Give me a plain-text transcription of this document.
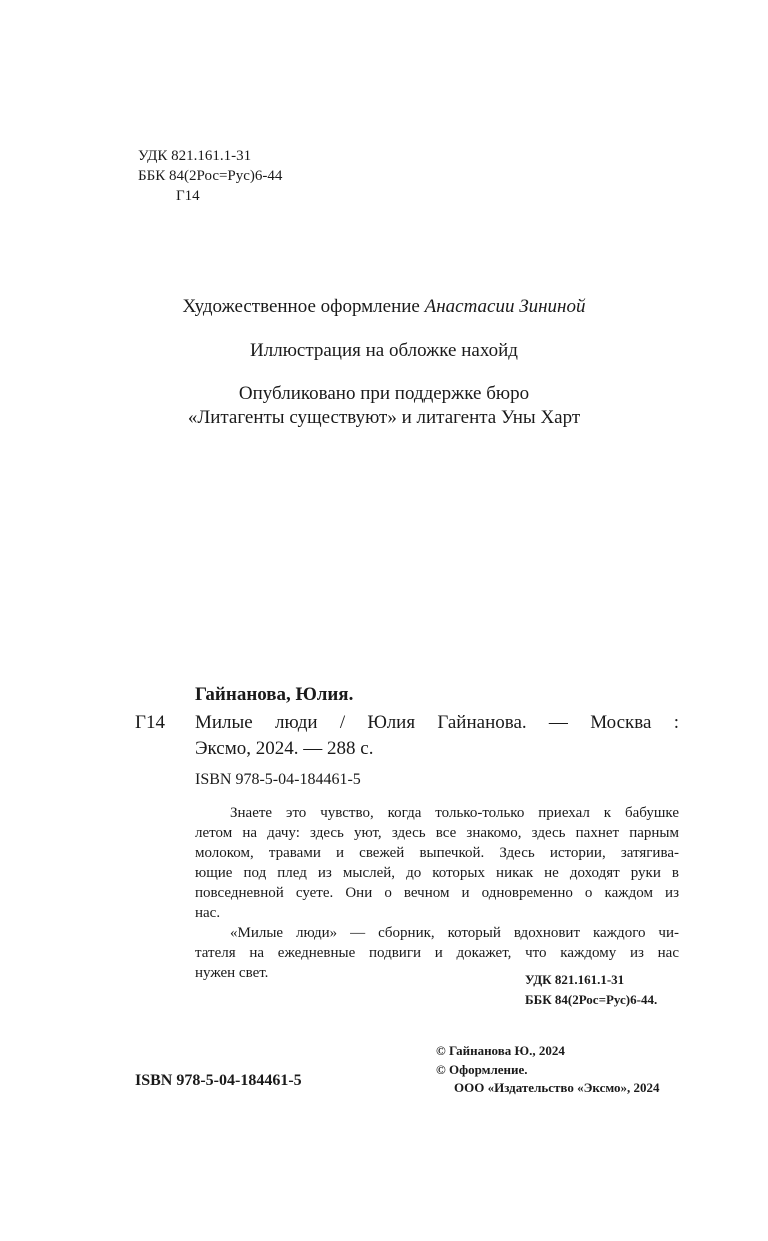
УДК 821.161.1-31
ББК 84(2Рос=Рус)6-44
Г14
Художественное оформление Анастасии Зининой
Иллюстрация на обложке нахойд
Опубликовано при поддержке бюро
«Литагенты существуют» и литагента Уны Харт
Гайнанова, Юлия.
Г14 Милые люди / Юлия Гайнанова. — Москва :
Эксмо, 2024. — 288 с.
ISBN 978-5-04-184461-5
Знаете это чувство, когда только-только приехал к бабушке
летом на дачу: здесь уют, здесь все знакомо, здесь пахнет парным
молоком, травами и свежей выпечкой. Здесь истории, затягива-
ющие под плед из мыслей, до которых никак не доходят руки в
повседневной суете. Они о вечном и одновременно о каждом из
нас.
«Милые люди» — сборник, который вдохновит каждого чи-
тателя на ежедневные подвиги и докажет, что каждому из нас
нужен свет.	УДК 821.161.1-31
ББК 84(2Рос=Рус)6-44.
ISBN 978-5-04-184461-5
© Гайнанова Ю., 2024
© Оформление.
ООО «Издательство «Эксмо», 2024
